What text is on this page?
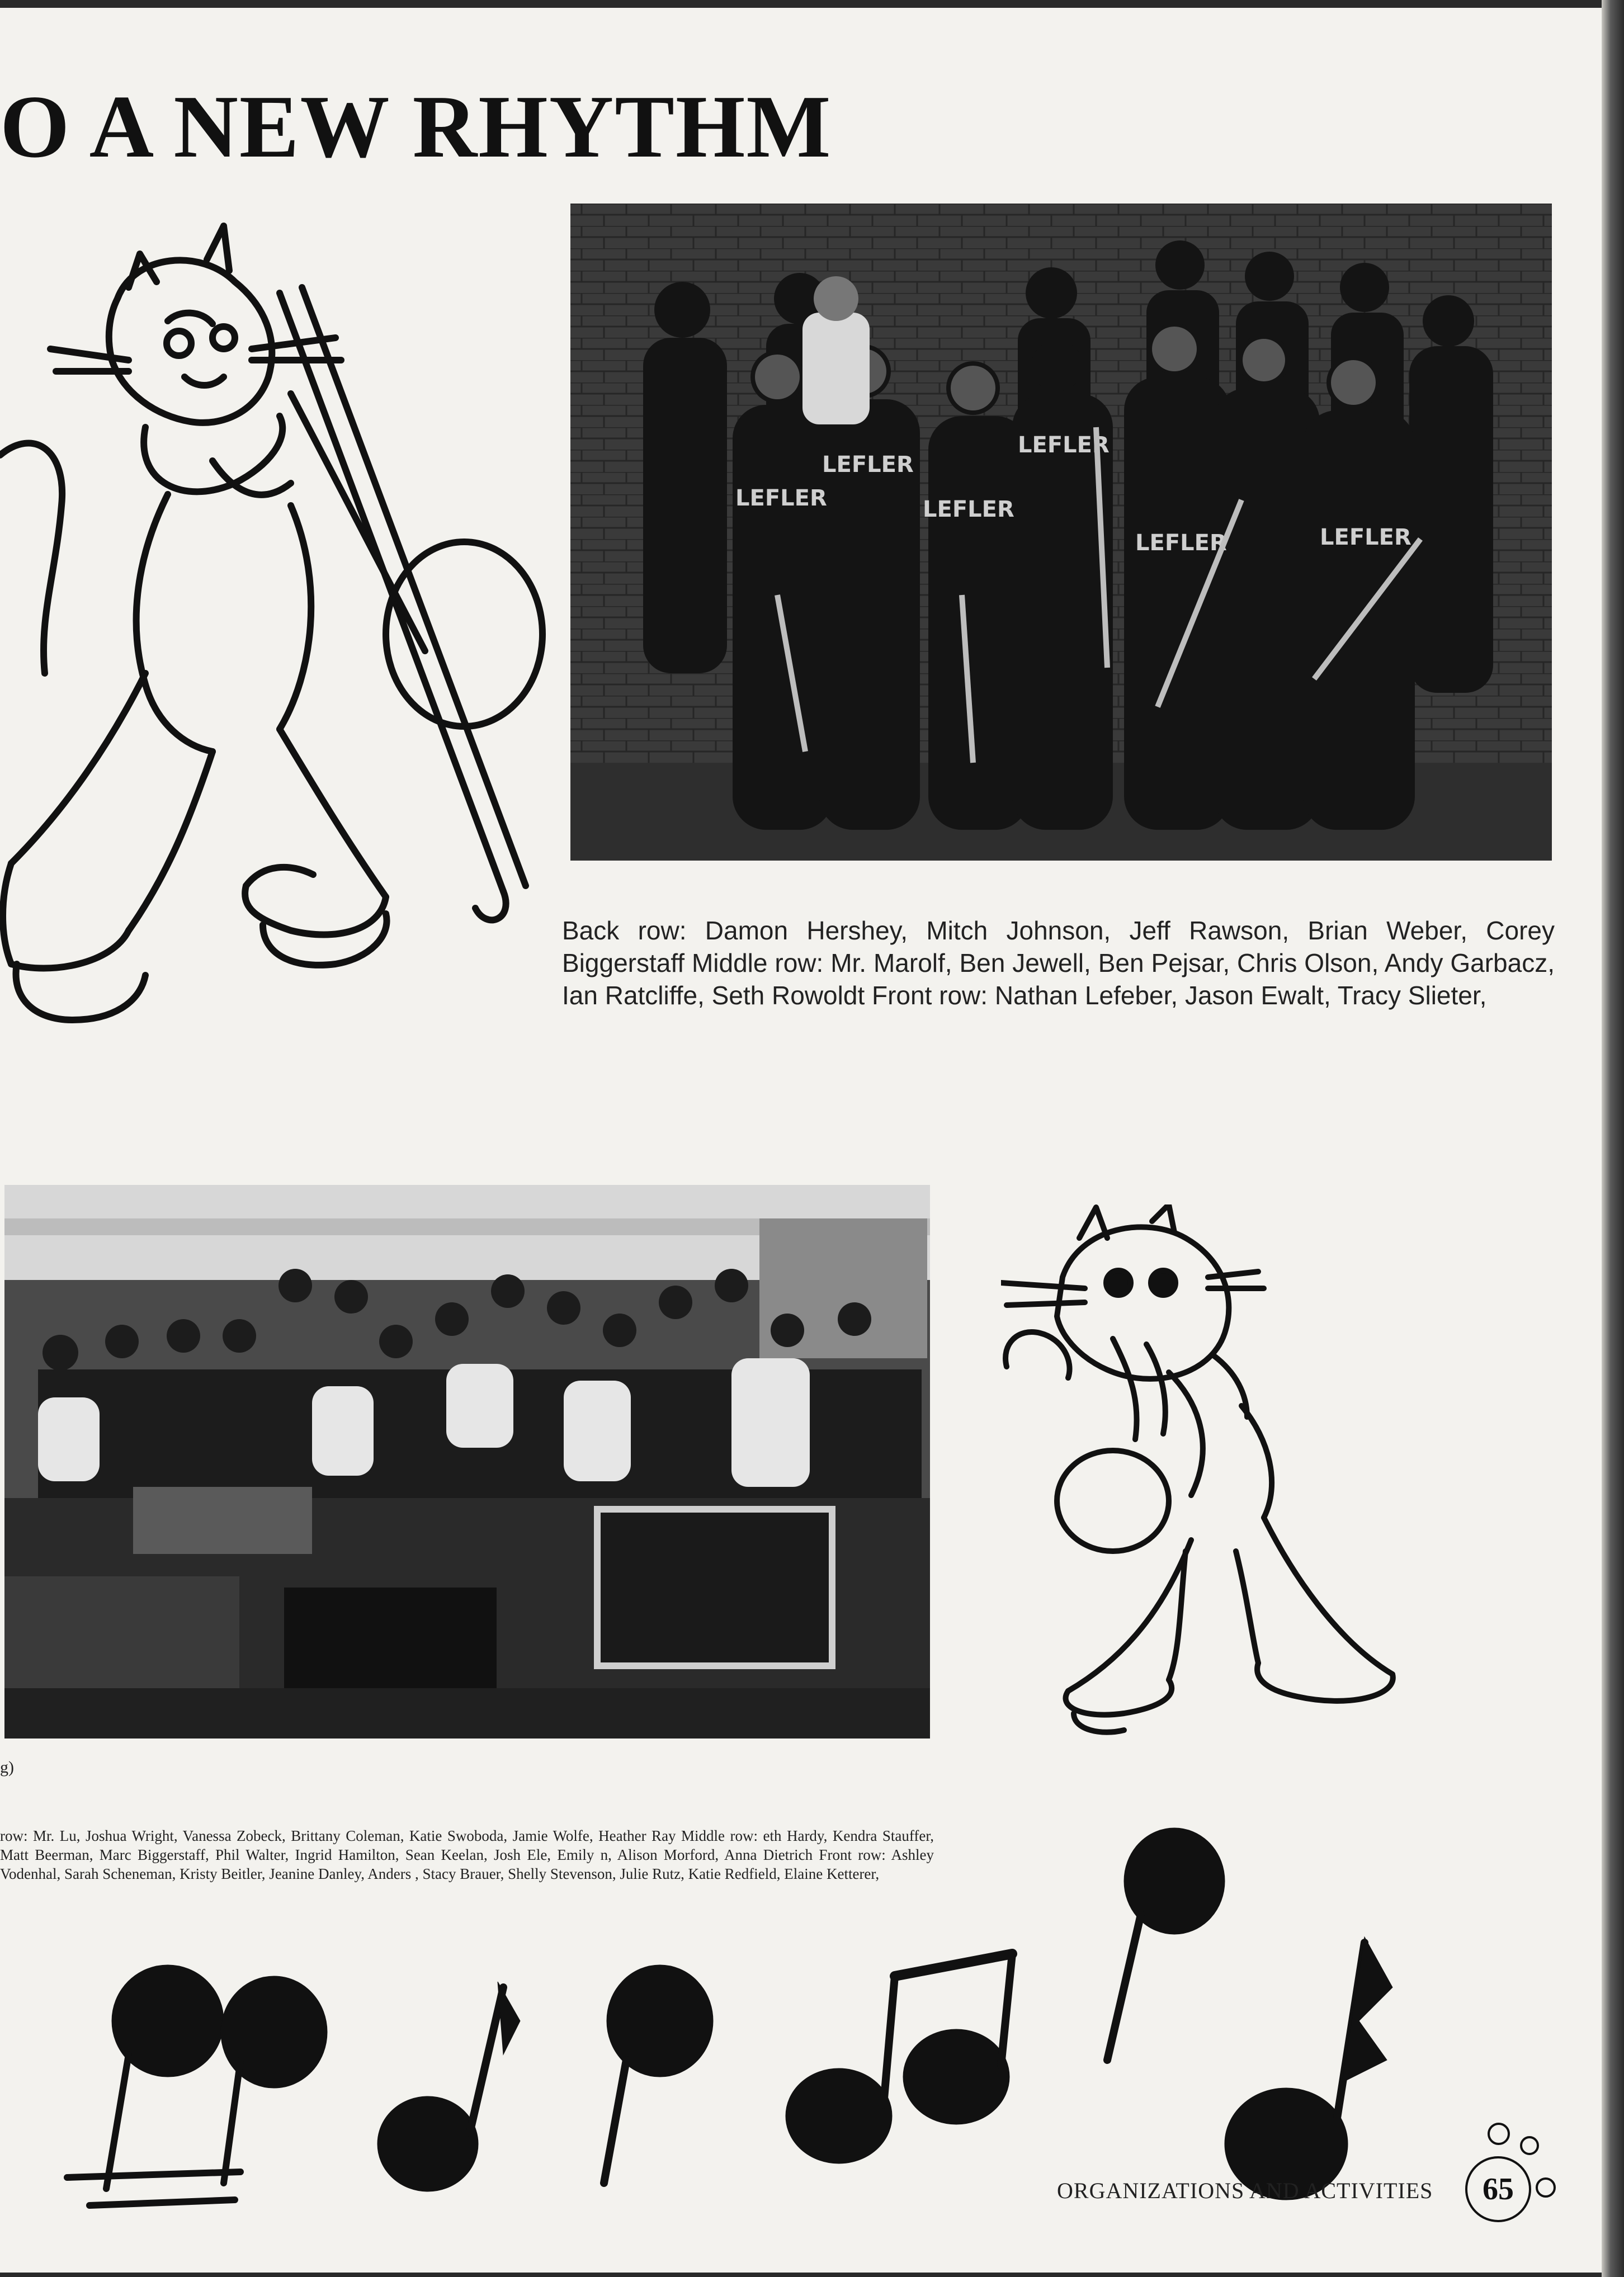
O A NEW RHYTHM
LEFLER
LEFLER
LEFLER
LEFLER
LEFLER	LEFLER

Back row: Damon Hershey, Mitch Johnson, Jeff Rawson, Brian Weber, Corey Biggerstaff Middle row: Mr. Marolf, Ben Jewell, Ben Pejsar, Chris Olson, Andy Garbacz, Ian Ratcliffe, Seth Rowoldt Front row: Nathan Lefeber, Jason Ewalt, Tracy Slieter,

g)

row: Mr. Lu, Joshua Wright, Vanessa Zobeck, Brittany Coleman, Katie Swoboda, Jamie Wolfe, Heather Ray Middle row: eth Hardy, Kendra Stauffer, Matt Beerman, Marc Biggerstaff, Phil Walter, Ingrid Hamilton, Sean Keelan, Josh Ele, Emily n, Alison Morford, Anna Dietrich Front row: Ashley Vodenhal, Sarah Scheneman, Kristy Beitler, Jeanine Danley, Anders , Stacy Brauer, Shelly Stevenson, Julie Rutz, Katie Redfield, Elaine Ketterer,

ORGANIZATIONS AND ACTIVITIES	65
